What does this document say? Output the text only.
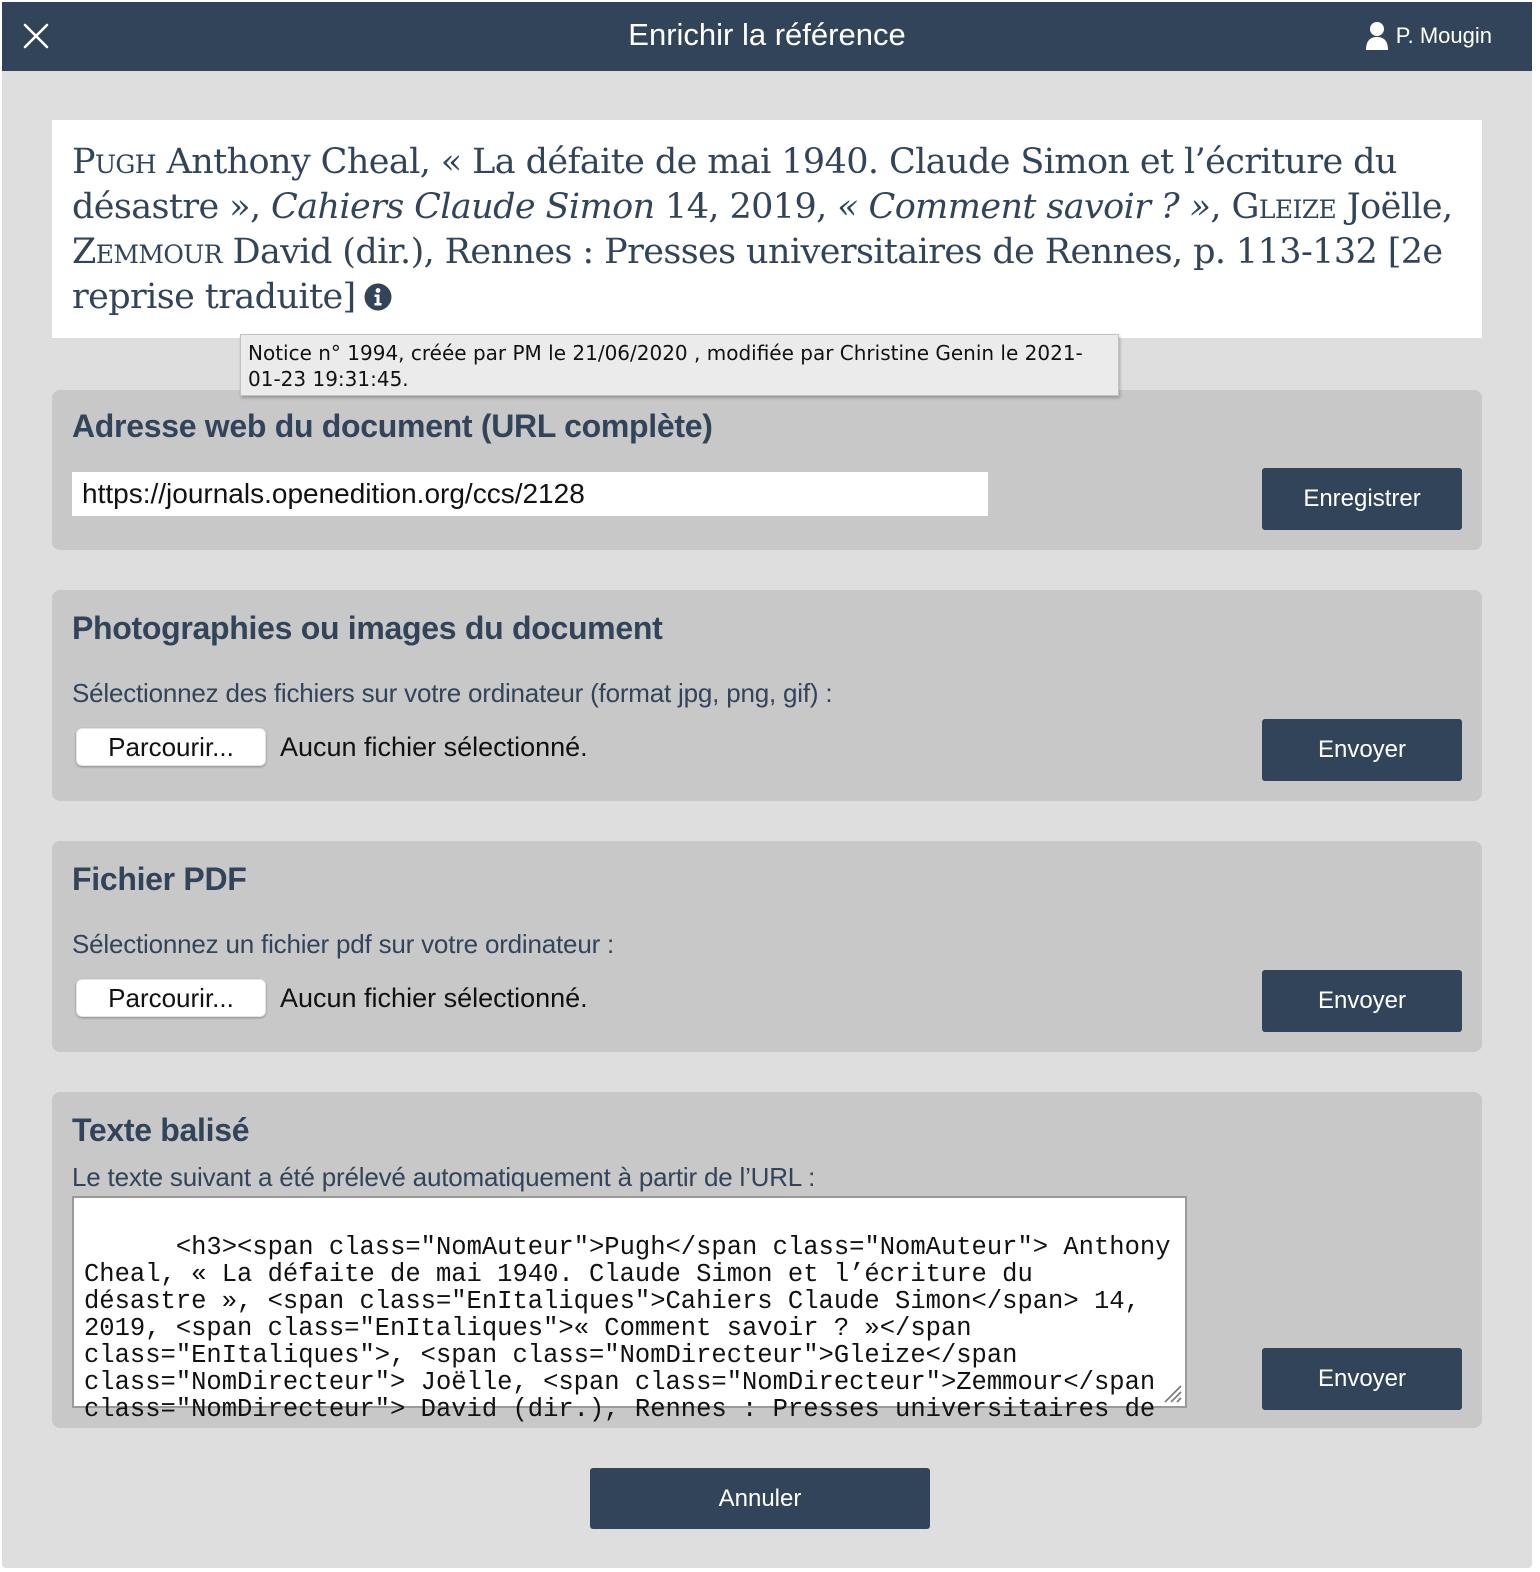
Enrichir la référence	P. Mougin
Pugh Anthony Cheal, « La défaite de mai 1940. Claude Simon et l’écriture du désastre », Cahiers Claude Simon 14, 2019, « Comment savoir ? », Gleize Joëlle,
Zemmour David (dir.), Rennes : Presses universitaires de Rennes, p. 113-132 [2e reprise traduite]
Notice n° 1994, créée par PM le 21/06/2020 , modifiée par Christine Genin le 2021-01-23 19:31:45.
Adresse web du document (URL complète)
https://journals.openedition.org/ccs/2128	Enregistrer
Photographies ou images du document
Sélectionnez des fichiers sur votre ordinateur (format jpg, png, gif) :
Parcourir...	Aucun fichier sélectionné.	Envoyer
Fichier PDF
Sélectionnez un fichier pdf sur votre ordinateur :
Parcourir...	Aucun fichier sélectionné.	Envoyer
Texte balisé
Le texte suivant a été prélevé automatiquement à partir de l’URL :

<h3><span class="NomAuteur">Pugh</span class="NomAuteur"> Anthony
Cheal, « La défaite de mai 1940. Claude Simon et l’écriture du
désastre », <span class="EnItaliques">Cahiers Claude Simon</span> 14,
2019, <span class="EnItaliques">« Comment savoir ? »</span
class="EnItaliques">, <span class="NomDirecteur">Gleize</span
class="NomDirecteur"> Joëlle, <span class="NomDirecteur">Zemmour</span
class="NomDirecteur"> David (dir.), Rennes : Presses universitaires de

Envoyer
Annuler
